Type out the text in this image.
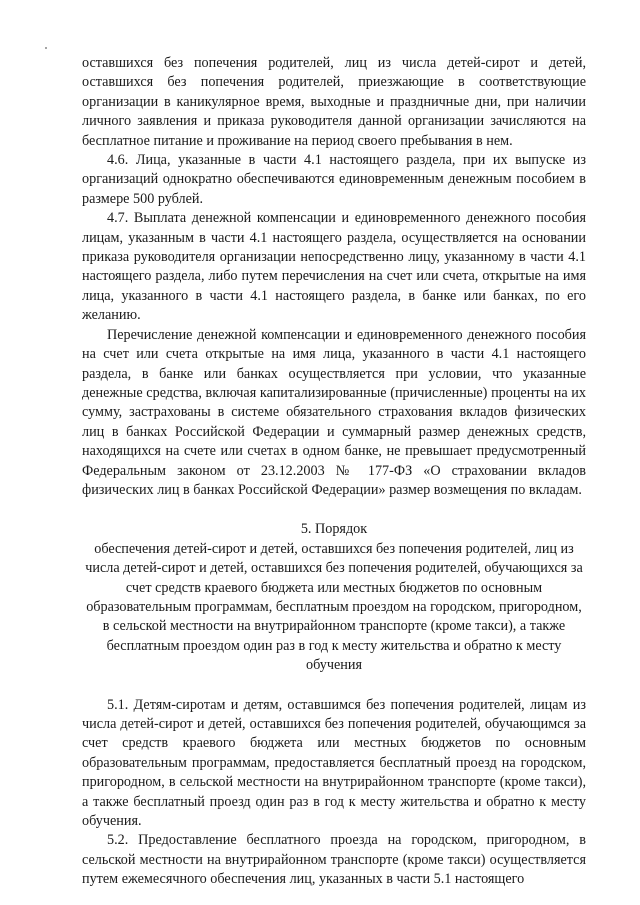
оставшихся без попечения родителей, лиц из числа детей-сирот и детей, оставшихся без попечения родителей, приезжающие в соответствующие организации в каникулярное время, выходные и праздничные дни, при наличии личного заявления и приказа руководителя данной организации зачисляются на бесплатное питание и проживание на период своего пребывания в нем.

4.6. Лица, указанные в части 4.1 настоящего раздела, при их выпуске из организаций однократно обеспечиваются единовременным денежным пособием в размере 500 рублей.

4.7. Выплата денежной компенсации и единовременного денежного пособия лицам, указанным в части 4.1 настоящего раздела, осуществляется на основании приказа руководителя организации непосредственно лицу, указанному в части 4.1 настоящего раздела, либо путем перечисления на счет или счета, открытые на имя лица, указанного в части 4.1 настоящего раздела, в банке или банках, по его желанию.

Перечисление денежной компенсации и единовременного денежного пособия на счет или счета открытые на имя лица, указанного в части 4.1 настоящего раздела, в банке или банках осуществляется при условии, что указанные денежные средства, включая капитализированные (причисленные) проценты на их сумму, застрахованы в системе обязательного страхования вкладов физических лиц в банках Российской Федерации и суммарный размер денежных средств, находящихся на счете или счетах в одном банке, не превышает предусмотренный Федеральным законом от 23.12.2003 № 177-ФЗ «О страховании вкладов физических лиц в банках Российской Федерации» размер возмещения по вкладам.

5. Порядок

обеспечения детей-сирот и детей, оставшихся без попечения родителей, лиц из числа детей-сирот и детей, оставшихся без попечения родителей, обучающихся за счет средств краевого бюджета или местных бюджетов по основным образовательным программам, бесплатным проездом на городском, пригородном, в сельской местности на внутрирайонном транспорте (кроме такси), а также бесплатным проездом один раз в год к месту жительства и обратно к месту обучения

5.1. Детям-сиротам и детям, оставшимся без попечения родителей, лицам из числа детей-сирот и детей, оставшихся без попечения родителей, обучающимся за счет средств краевого бюджета или местных бюджетов по основным образовательным программам, предоставляется бесплатный проезд на городском, пригородном, в сельской местности на внутрирайонном транспорте (кроме такси), а также бесплатный проезд один раз в год к месту жительства и обратно к месту обучения.

5.2. Предоставление бесплатного проезда на городском, пригородном, в сельской местности на внутрирайонном транспорте (кроме такси) осуществляется путем ежемесячного обеспечения лиц, указанных в части 5.1 настоящего
